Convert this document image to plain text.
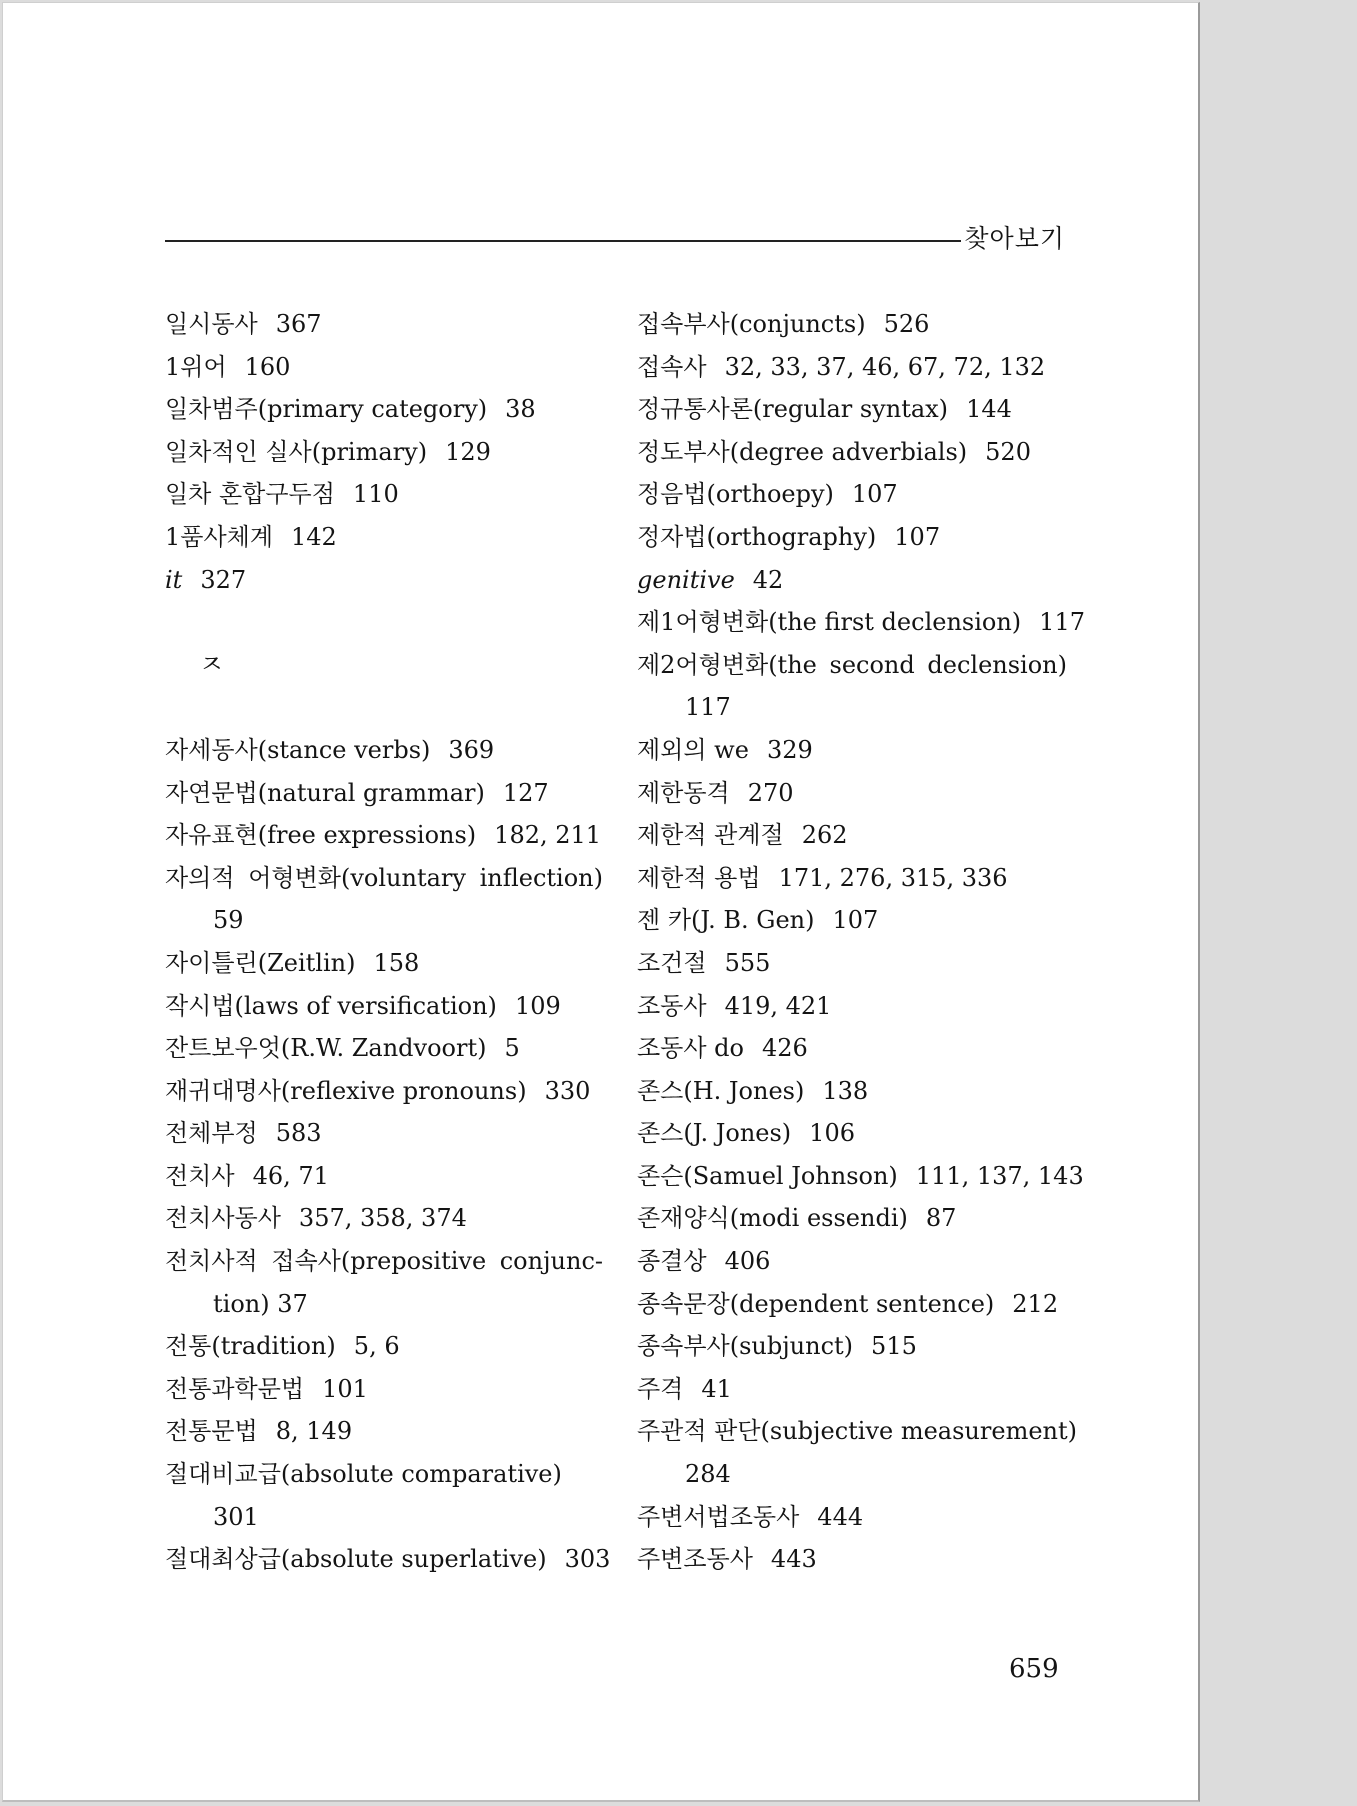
찾아보기
일시동사 367
1위어 160
일차범주(primary category) 38
일차적인 실사(primary) 129
일차 혼합구두점 110
1품사체계 142
it 327
ㅈ
자세동사(stance verbs) 369
자연문법(natural grammar) 127
자유표현(free expressions) 182, 211
자의적 어형변화(voluntary inflection)
59
자이틀린(Zeitlin) 158
작시법(laws of versification) 109
잔트보우엇(R.W. Zandvoort) 5
재귀대명사(reflexive pronouns) 330
전체부정 583
전치사 46, 71
전치사동사 357, 358, 374
전치사적 접속사(prepositive conjunc-
tion) 37
전통(tradition) 5, 6
전통과학문법 101
전통문법 8, 149
절대비교급(absolute comparative)
301
절대최상급(absolute superlative) 303
접속부사(conjuncts) 526
접속사 32, 33, 37, 46, 67, 72, 132
정규통사론(regular syntax) 144
정도부사(degree adverbials) 520
정음법(orthoepy) 107
정자법(orthography) 107
genitive 42
제1어형변화(the first declension) 117
제2어형변화(the second declension)
117
제외의 we 329
제한동격 270
제한적 관계절 262
제한적 용법 171, 276, 315, 336
젠 카(J. B. Gen) 107
조건절 555
조동사 419, 421
조동사 do 426
존스(H. Jones) 138
존스(J. Jones) 106
존슨(Samuel Johnson) 111, 137, 143
존재양식(modi essendi) 87
종결상 406
종속문장(dependent sentence) 212
종속부사(subjunct) 515
주격 41
주관적 판단(subjective measurement)
284
주변서법조동사 444
주변조동사 443
659
